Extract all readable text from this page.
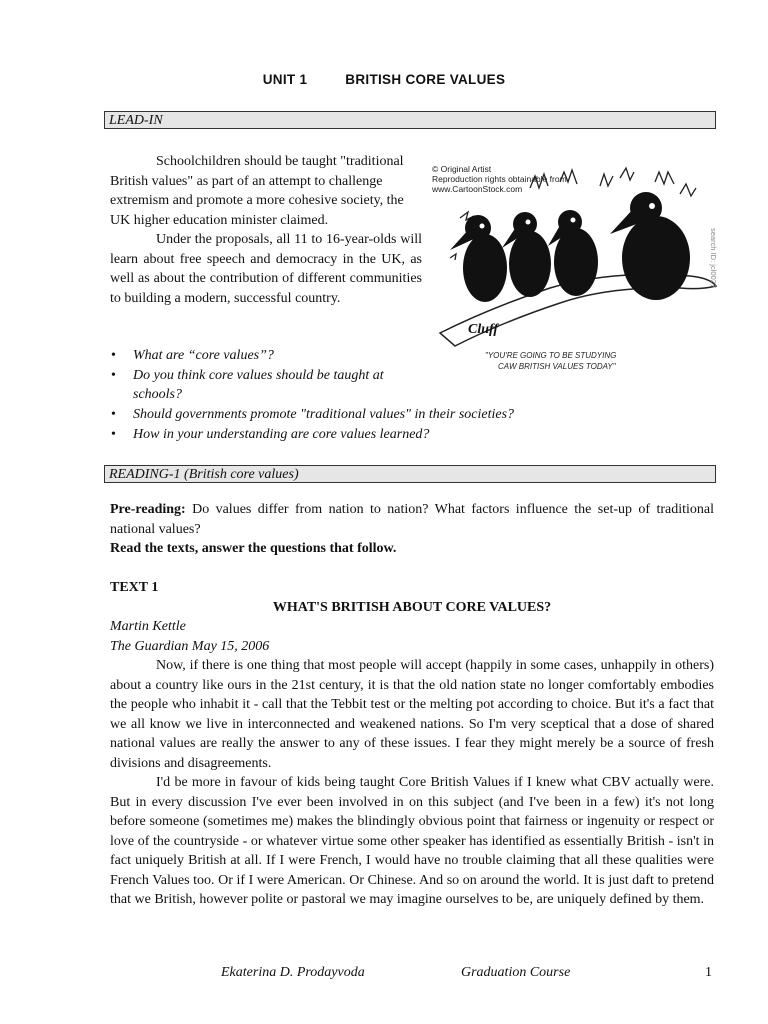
UNIT 1	BRITISH CORE VALUES
LEAD-IN

Schoolchildren should be taught "traditional British values" as part of an attempt to challenge extremism and promote a more cohesive society, the UK higher education minister claimed.

Under the proposals, all 11 to 16-year-olds will learn about free speech and democracy in the UK, as well as about the contribution of different communities to building a modern, successful country.

• What are “core values”?
• Do you think core values should be taught at schools?
• Should governments promote "traditional values" in their societies?
• How in your understanding are core values learned?
© Original Artist
Reproduction rights obtainable from
www.CartoonStock.com
Cluff
search ID: jcl0027
"YOU'RE GOING TO BE STUDYING
CAW BRITISH VALUES TODAY"
READING-1 (British core values)

Pre-reading: Do values differ from nation to nation? What factors influence the set-up of traditional national values?

Read the texts, answer the questions that follow.

TEXT 1

WHAT'S BRITISH ABOUT CORE VALUES?

Martin Kettle

The Guardian May 15, 2006

Now, if there is one thing that most people will accept (happily in some cases, unhappily in others) about a country like ours in the 21st century, it is that the old nation state no longer comfortably embodies the people who inhabit it - call that the Tebbit test or the melting pot according to choice. But it's a fact that we all know we live in interconnected and weakened nations. So I'm very sceptical that a dose of shared national values are really the answer to any of these issues. I fear they might merely be a source of fresh divisions and disagreements.

I'd be more in favour of kids being taught Core British Values if I knew what CBV actually were. But in every discussion I've ever been involved in on this subject (and I've been in a few) it's not long before someone (sometimes me) makes the blindingly obvious point that fairness or ingenuity or respect or love of the countryside - or whatever virtue some other speaker has identified as essentially British - isn't in fact uniquely British at all. If I were French, I would have no trouble claiming that all these qualities were French Values too. Or if I were American. Or Chinese. And so on around the world. It is just daft to pretend that we British, however polite or pastoral we may imagine ourselves to be, are uniquely defined by them.

Ekaterina D. Prodayvoda	Graduation Course	1
